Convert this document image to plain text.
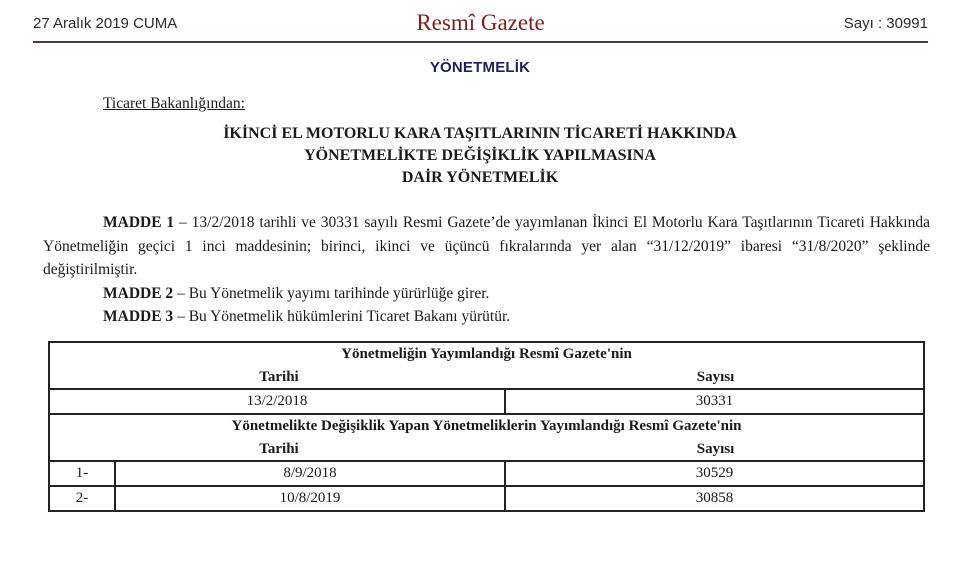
27 Aralık 2019 CUMA	Resmî Gazete	Sayı : 30991
YÖNETMELİK
Ticaret Bakanlığından:
İKİNCİ EL MOTORLU KARA TAŞITLARININ TİCARETİ HAKKINDA
YÖNETMELİKTE DEĞİŞİKLİK YAPILMASINA
DAİR YÖNETMELİK

MADDE 1 – 13/2/2018 tarihli ve 30331 sayılı Resmi Gazete’de yayımlanan İkinci El Motorlu Kara Taşıtlarının Ticareti Hakkında Yönetmeliğin geçici 1 inci maddesinin; birinci, ikinci ve üçüncü fıkralarında yer alan “31/12/2019” ibaresi “31/8/2020” şeklinde değiştirilmiştir.

MADDE 2 – Bu Yönetmelik yayımı tarihinde yürürlüğe girer.

MADDE 3 – Bu Yönetmelik hükümlerini Ticaret Bakanı yürütür.

Yönetmeliğin Yayımlandığı Resmî Gazete'nin
Tarihi Sayısı		

13/2/2018		30331

Yönetmelikte Değişiklik Yapan Yönetmeliklerin Yayımlandığı Resmî Gazete'nin
Tarihi Sayısı		

1-	8/9/2018	30529
2-	10/8/2019	30858
